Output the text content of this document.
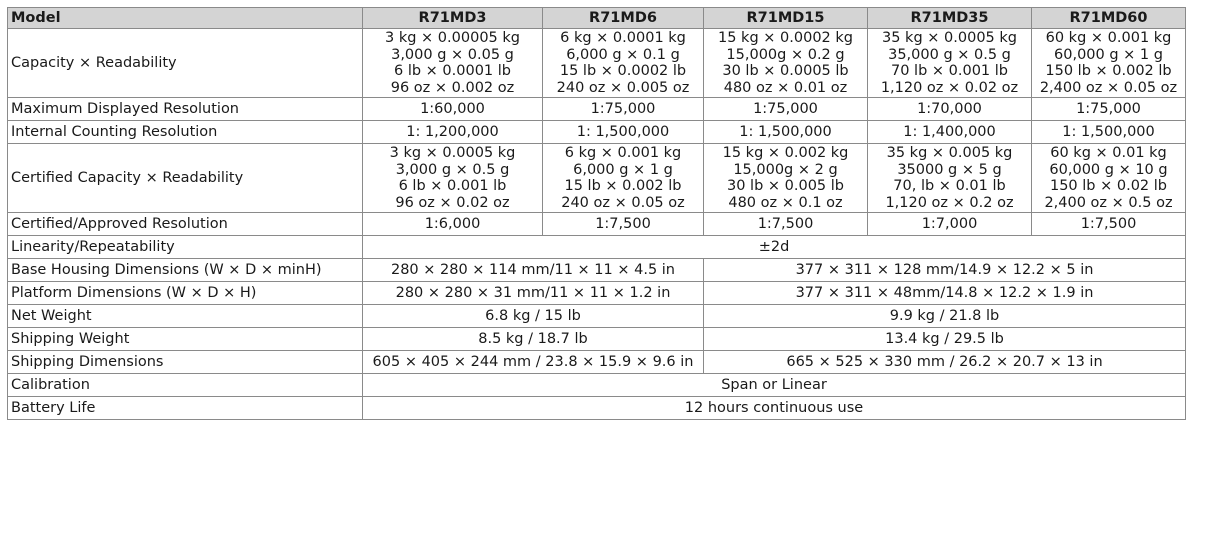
Model	R71MD3	R71MD6	R71MD15	R71MD35	R71MD60
Capacity × Readability	3 kg × 0.00005 kg
3,000 g × 0.05 g
6 lb × 0.0001 lb
96 oz × 0.002 oz	6 kg × 0.0001 kg
6,000 g × 0.1 g
15 lb × 0.0002 lb
240 oz × 0.005 oz	15 kg × 0.0002 kg
15,000g × 0.2 g
30 lb × 0.0005 lb
480 oz × 0.01 oz	35 kg × 0.0005 kg
35,000 g × 0.5 g
70 lb × 0.001 lb
1,120 oz × 0.02 oz	60 kg × 0.001 kg
60,000 g × 1 g
150 lb × 0.002 lb
2,400 oz × 0.05 oz

Maximum Displayed Resolution	1:60,000	1:75,000	1:75,000	1:70,000	1:75,000
Internal Counting Resolution	1: 1,200,000	1: 1,500,000	1: 1,500,000	1: 1,400,000	1: 1,500,000
Certified Capacity × Readability	3 kg × 0.0005 kg
3,000 g × 0.5 g
6 lb × 0.001 lb
96 oz × 0.02 oz	6 kg × 0.001 kg
6,000 g × 1 g
15 lb × 0.002 lb
240 oz × 0.05 oz	15 kg × 0.002 kg
15,000g × 2 g
30 lb × 0.005 lb
480 oz × 0.1 oz	35 kg × 0.005 kg
35000 g × 5 g
70, lb × 0.01 lb
1,120 oz × 0.2 oz	60 kg × 0.01 kg
60,000 g × 10 g
150 lb × 0.02 lb
2,400 oz × 0.5 oz

Certified/Approved Resolution	1:6,000	1:7,500	1:7,500	1:7,000	1:7,500
Linearity/Repeatability	±2d				
Base Housing Dimensions (W × D × minH)	280 × 280 × 114 mm/11 × 11 × 4.5 in		377 × 311 × 128 mm/14.9 × 12.2 × 5 in		
Platform Dimensions (W × D × H)	280 × 280 × 31 mm/11 × 11 × 1.2 in		377 × 311 × 48mm/14.8 × 12.2 × 1.9 in		
Net Weight	6.8 kg / 15 lb		9.9 kg / 21.8 lb		
Shipping Weight	8.5 kg / 18.7 lb		13.4 kg / 29.5 lb		
Shipping Dimensions	605 × 405 × 244 mm / 23.8 × 15.9 × 9.6 in		665 × 525 × 330 mm / 26.2 × 20.7 × 13 in		
Calibration	Span or Linear				
Battery Life	12 hours continuous use				
